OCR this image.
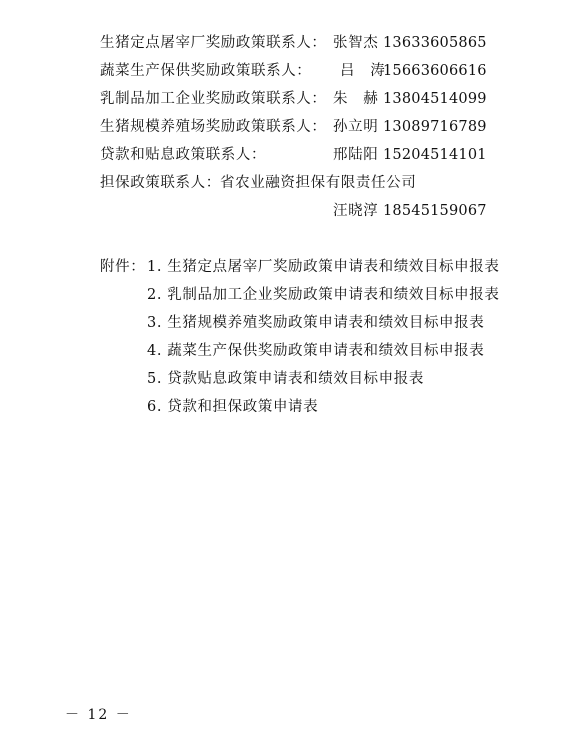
生猪定点屠宰厂奖励政策联系人： 张智杰 13633605865
蔬菜生产保供奖励政策联系人： 吕　涛
15663606616
乳制品加工企业奖励政策联系人： 朱　赫 13804514099
生猪规模养殖场奖励政策联系人： 孙立明 13089716789
贷款和贴息政策联系人：	邢陆阳 15204514101
担保政策联系人： 省农业融资担保有限责任公司
汪晓淳 18545159067
附件： 1. 生猪定点屠宰厂奖励政策申请表和绩效目标申报表
2. 乳制品加工企业奖励政策申请表和绩效目标申报表
3. 生猪规模养殖奖励政策申请表和绩效目标申报表
4. 蔬菜生产保供奖励政策申请表和绩效目标申报表
5. 贷款贴息政策申请表和绩效目标申报表
6. 贷款和担保政策申请表
－ 12 －
